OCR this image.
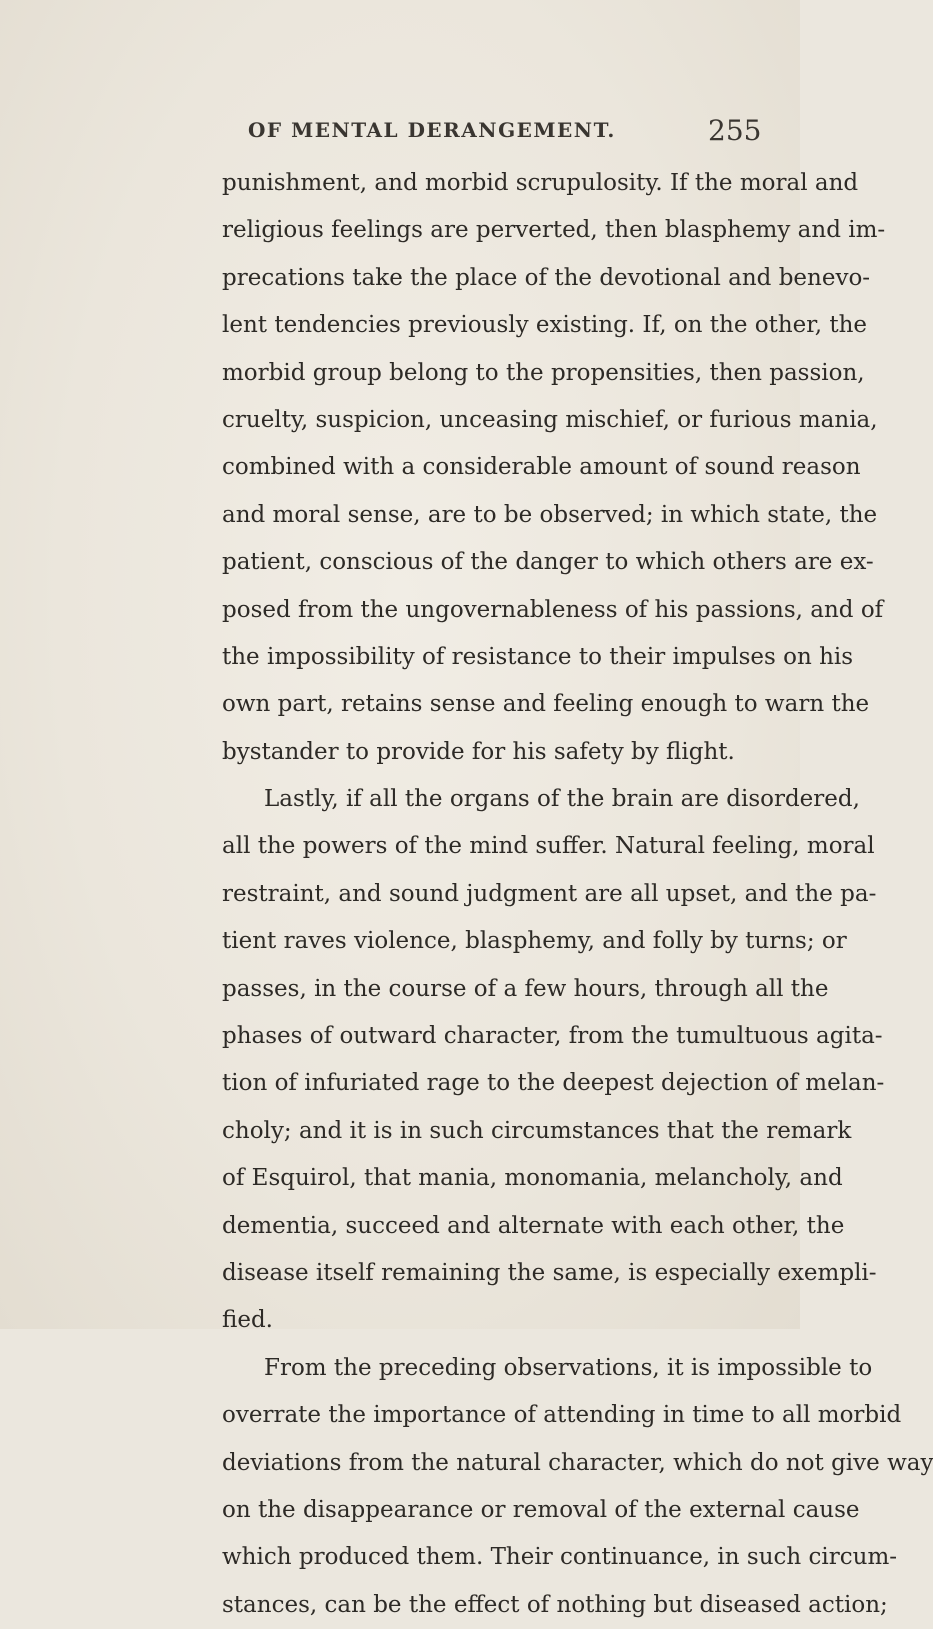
OF MENTAL DERANGEMENT.	255
punishment, and morbid scrupulosity. If the moral and
religious feelings are perverted, then blasphemy and im-
precations take the place of the devotional and benevo-
lent tendencies previously existing. If, on the other, the
morbid group belong to the propensities, then passion,
cruelty, suspicion, unceasing mischief, or furious mania,
combined with a considerable amount of sound reason
and moral sense, are to be observed; in which state, the
patient, conscious of the danger to which others are ex-
posed from the ungovernableness of his passions, and of
the impossibility of resistance to their impulses on his
own part, retains sense and feeling enough to warn the
bystander to provide for his safety by flight.
Lastly, if all the organs of the brain are disordered,
all the powers of the mind suffer. Natural feeling, moral
restraint, and sound judgment are all upset, and the pa-
tient raves violence, blasphemy, and folly by turns; or
passes, in the course of a few hours, through all the
phases of outward character, from the tumultuous agita-
tion of infuriated rage to the deepest dejection of melan-
choly; and it is in such circumstances that the remark
of Esquirol, that mania, monomania, melancholy, and
dementia, succeed and alternate with each other, the
disease itself remaining the same, is especially exempli-
fied.
From the preceding observations, it is impossible to
overrate the importance of attending in time to all morbid
deviations from the natural character, which do not give way
on the disappearance or removal of the external cause
which produced them. Their continuance, in such circum-
stances, can be the effect of nothing but diseased action;
